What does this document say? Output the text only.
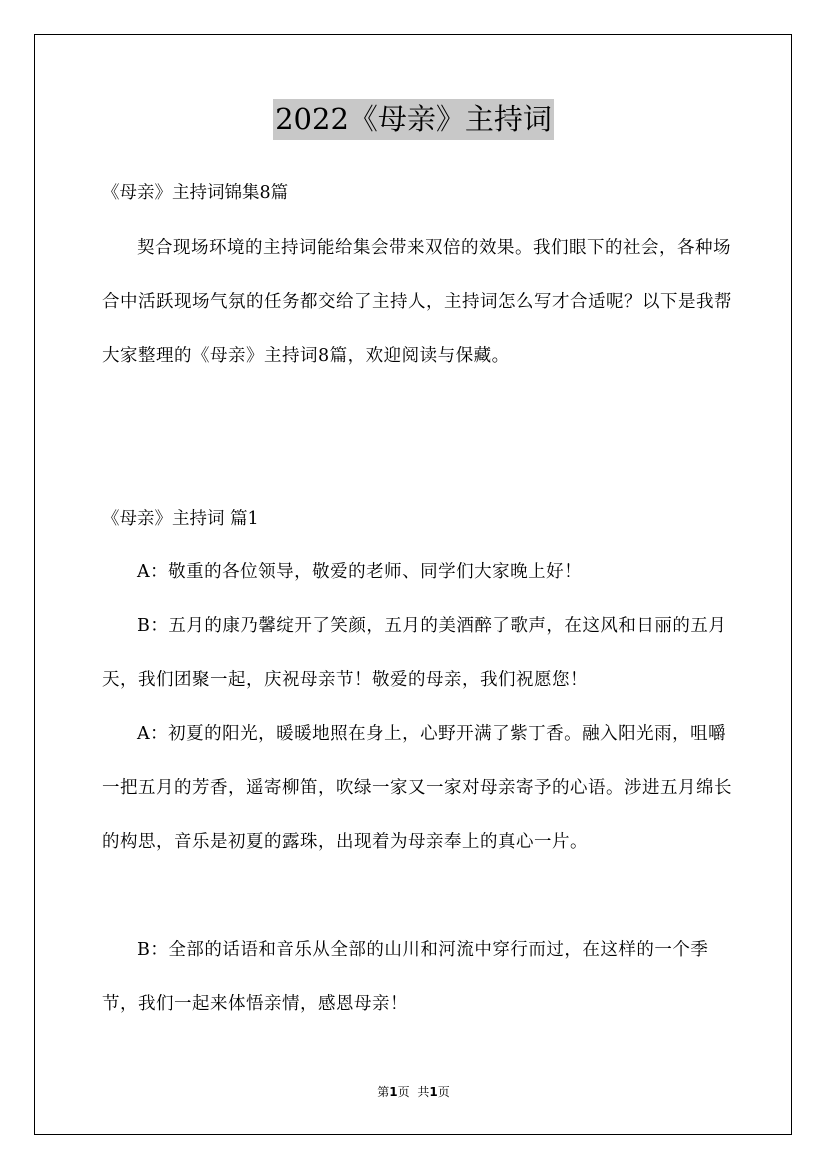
2022《母亲》主持词
《母亲》主持词锦集8篇

契合现场环境的主持词能给集会带来双倍的效果。我们眼下的社会，各种场合中活跃现场气氛的任务都交给了主持人，主持词怎么写才合适呢？以下是我帮大家整理的《母亲》主持词8篇，欢迎阅读与保藏。

《母亲》主持词 篇1

A：敬重的各位领导，敬爱的老师、同学们大家晚上好！

B：五月的康乃馨绽开了笑颜，五月的美酒醉了歌声，在这风和日丽的五月天，我们团聚一起，庆祝母亲节！敬爱的母亲，我们祝愿您！

A：初夏的阳光，暖暖地照在身上，心野开满了紫丁香。融入阳光雨，咀嚼一把五月的芳香，遥寄柳笛，吹绿一家又一家对母亲寄予的心语。涉进五月绵长的构思，音乐是初夏的露珠，出现着为母亲奉上的真心一片。

B：全部的话语和音乐从全部的山川和河流中穿行而过，在这样的一个季节，我们一起来体悟亲情，感恩母亲！

第1页 共1页
